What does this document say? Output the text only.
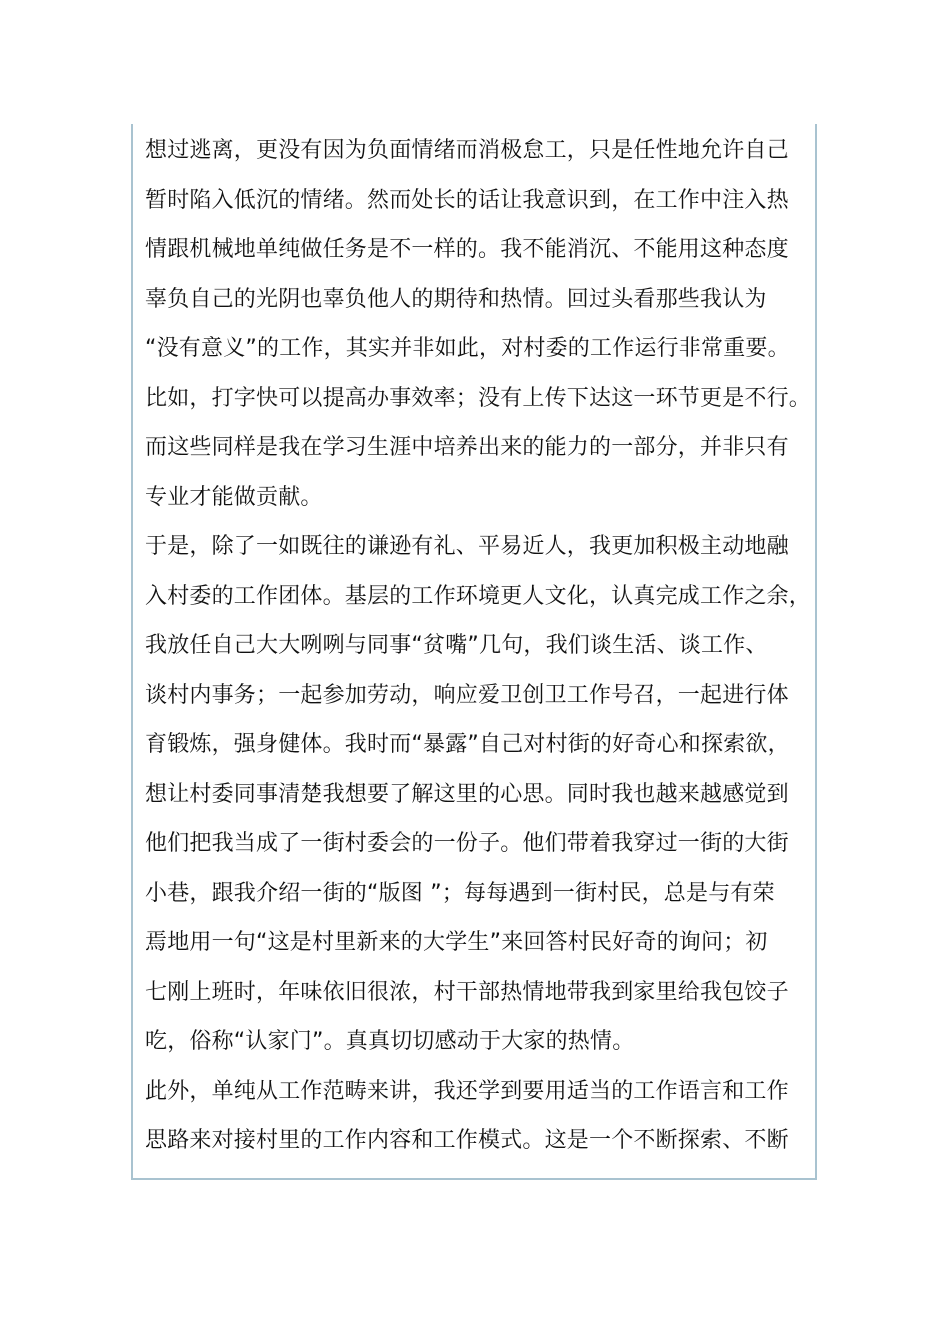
想过逃离，更没有因为负面情绪而消极怠工，只是任性地允许自己
暂时陷入低沉的情绪。然而处长的话让我意识到，在工作中注入热
情跟机械地单纯做任务是不一样的。我不能消沉、不能用这种态度
辜负自己的光阴也辜负他人的期待和热情。回过头看那些我认为
“没有意义”的工作，其实并非如此，对村委的工作运行非常重要。
比如，打字快可以提高办事效率；没有上传下达这一环节更是不行。
而这些同样是我在学习生涯中培养出来的能力的一部分，并非只有
专业才能做贡献。
于是，除了一如既往的谦逊有礼、平易近人，我更加积极主动地融
入村委的工作团体。基层的工作环境更人文化，认真完成工作之余，
我放任自己大大咧咧与同事“贫嘴”几句，我们谈生活、谈工作、
谈村内事务；一起参加劳动，响应爱卫创卫工作号召，一起进行体
育锻炼，强身健体。我时而“暴露”自己对村街的好奇心和探索欲，
想让村委同事清楚我想要了解这里的心思。同时我也越来越感觉到
他们把我当成了一街村委会的一份子。他们带着我穿过一街的大街
小巷，跟我介绍一街的“版图 ”；每每遇到一街村民，总是与有荣
焉地用一句“这是村里新来的大学生”来回答村民好奇的询问；初
七刚上班时，年味依旧很浓，村干部热情地带我到家里给我包饺子
吃，俗称“认家门”。真真切切感动于大家的热情。
此外，单纯从工作范畴来讲，我还学到要用适当的工作语言和工作
思路来对接村里的工作内容和工作模式。这是一个不断探索、不断
